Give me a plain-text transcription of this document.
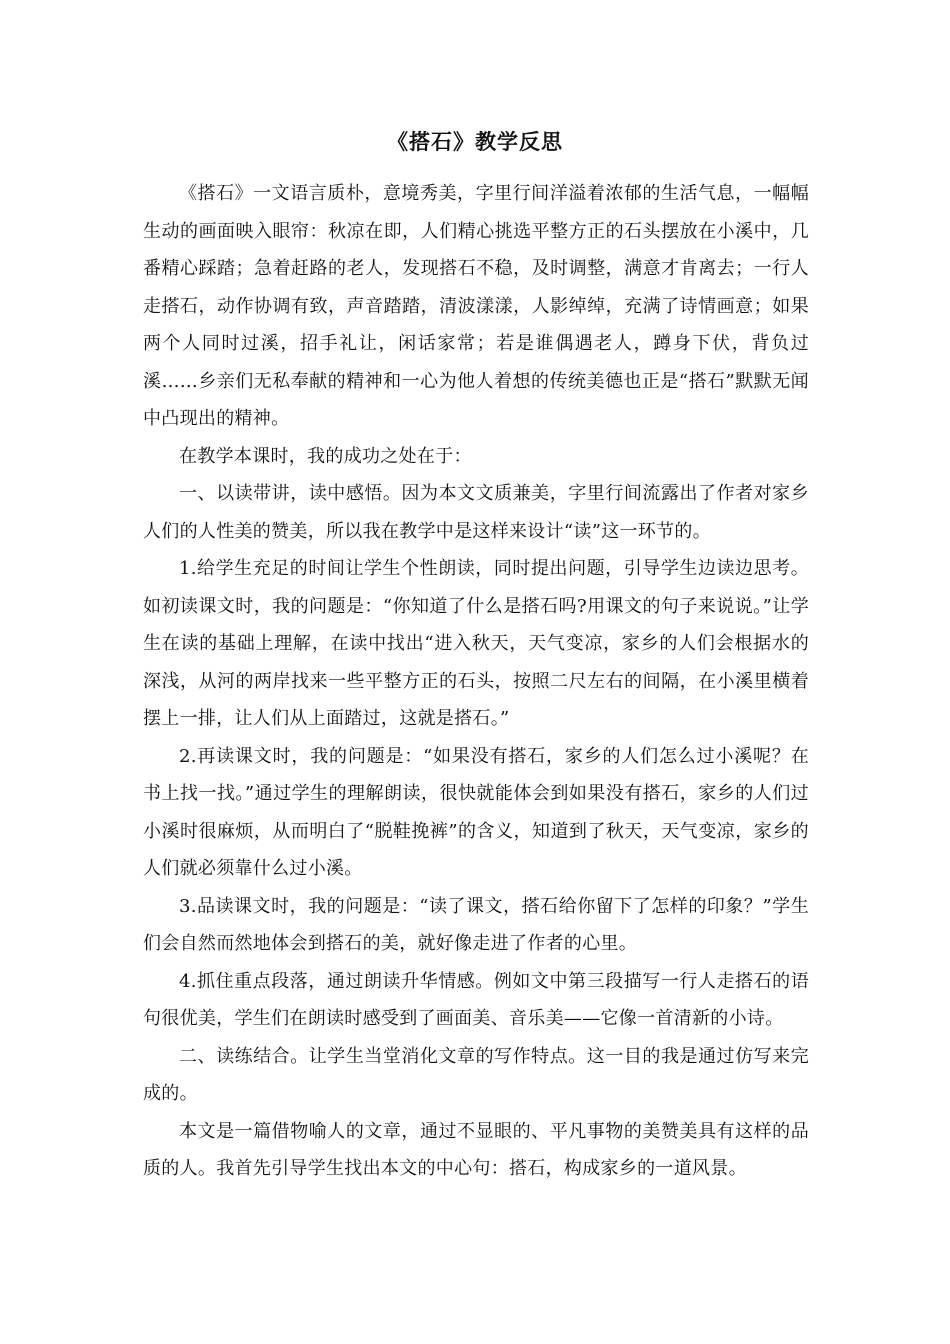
《搭石》教学反思

《搭石》一文语言质朴，意境秀美，字里行间洋溢着浓郁的生活气息，一幅幅生动的画面映入眼帘：秋凉在即，人们精心挑选平整方正的石头摆放在小溪中，几番精心踩踏；急着赶路的老人，发现搭石不稳，及时调整，满意才肯离去；一行人走搭石，动作协调有致，声音踏踏，清波漾漾，人影绰绰，充满了诗情画意；如果两个人同时过溪，招手礼让，闲话家常；若是谁偶遇老人，蹲身下伏，背负过溪……乡亲们无私奉献的精神和一心为他人着想的传统美德也正是“搭石”默默无闻中凸现出的精神。

在教学本课时，我的成功之处在于：

一、以读带讲，读中感悟。因为本文文质兼美，字里行间流露出了作者对家乡人们的人性美的赞美，所以我在教学中是这样来设计“读”这一环节的。

1.给学生充足的时间让学生个性朗读，同时提出问题，引导学生边读边思考。如初读课文时，我的问题是：“你知道了什么是搭石吗?用课文的句子来说说。”让学生在读的基础上理解，在读中找出“进入秋天，天气变凉，家乡的人们会根据水的深浅，从河的两岸找来一些平整方正的石头，按照二尺左右的间隔，在小溪里横着摆上一排，让人们从上面踏过，这就是搭石。”

2.再读课文时，我的问题是：“如果没有搭石，家乡的人们怎么过小溪呢？在书上找一找。”通过学生的理解朗读，很快就能体会到如果没有搭石，家乡的人们过小溪时很麻烦，从而明白了“脱鞋挽裤”的含义，知道到了秋天，天气变凉，家乡的人们就必须靠什么过小溪。

3.品读课文时，我的问题是：“读了课文，搭石给你留下了怎样的印象？”学生们会自然而然地体会到搭石的美，就好像走进了作者的心里。

4.抓住重点段落，通过朗读升华情感。例如文中第三段描写一行人走搭石的语句很优美，学生们在朗读时感受到了画面美、音乐美——它像一首清新的小诗。

二、读练结合。让学生当堂消化文章的写作特点。这一目的我是通过仿写来完成的。

本文是一篇借物喻人的文章，通过不显眼的、平凡事物的美赞美具有这样的品质的人。我首先引导学生找出本文的中心句：搭石，构成家乡的一道风景。
